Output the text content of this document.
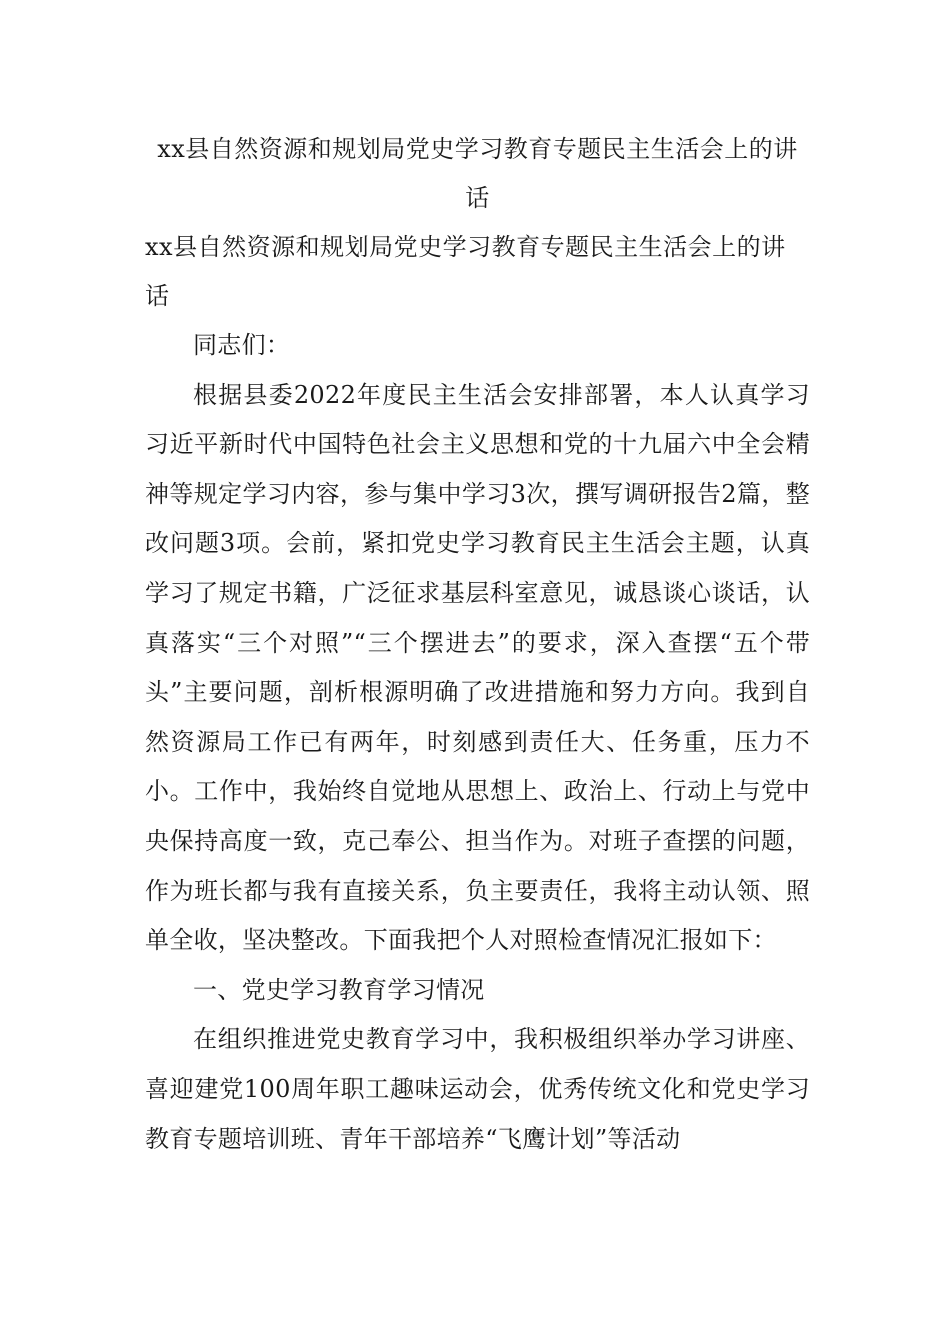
xx县自然资源和规划局党史学习教育专题民主生活会上的讲话

xx县自然资源和规划局党史学习教育专题民主生活会上的讲话

同志们：

根据县委2022年度民主生活会安排部署，本人认真学习习近平新时代中国特色社会主义思想和党的十九届六中全会精神等规定学习内容，参与集中学习3次，撰写调研报告2篇，整改问题3项。会前，紧扣党史学习教育民主生活会主题，认真学习了规定书籍，广泛征求基层科室意见，诚恳谈心谈话，认真落实“三个对照”“三个摆进去”的要求，深入查摆“五个带头”主要问题，剖析根源明确了改进措施和努力方向。我到自然资源局工作已有两年，时刻感到责任大、任务重，压力不小。工作中，我始终自觉地从思想上、政治上、行动上与党中央保持高度一致，克己奉公、担当作为。对班子查摆的问题，作为班长都与我有直接关系，负主要责任，我将主动认领、照单全收，坚决整改。下面我把个人对照检查情况汇报如下：

一、党史学习教育学习情况

在组织推进党史教育学习中，我积极组织举办学习讲座、喜迎建党100周年职工趣味运动会，优秀传统文化和党史学习教育专题培训班、青年干部培养“飞鹰计划”等活动
